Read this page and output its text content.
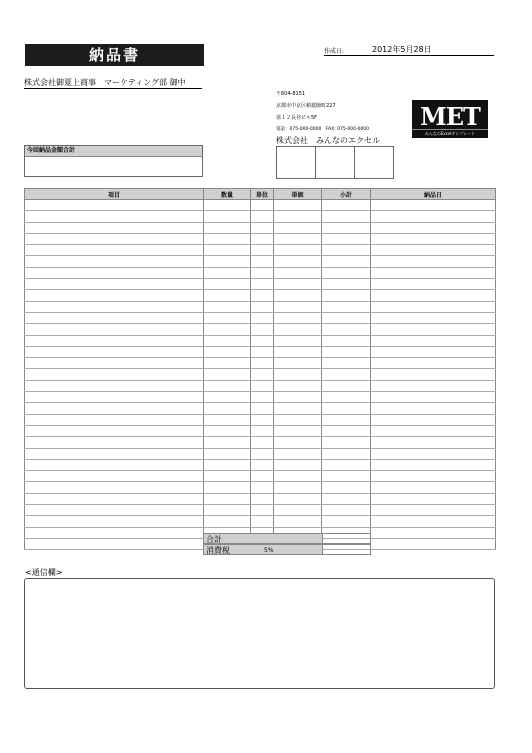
納品書	作成日:	2012年5月28日
株式会社御夏上商事　マーケティング部 御中
〒604-8151
京都市中京区蛸薬師町227
第１２長谷ビル5F
電話：075-000-0000　FAX: 075-000-0000
株式会社　みんなのエクセル
MET
みんなのExcelテンプレート
今回納品金額合計
項目	数量	単位	単価	小計	納品日

合計
消費税	5%
<通信欄>
